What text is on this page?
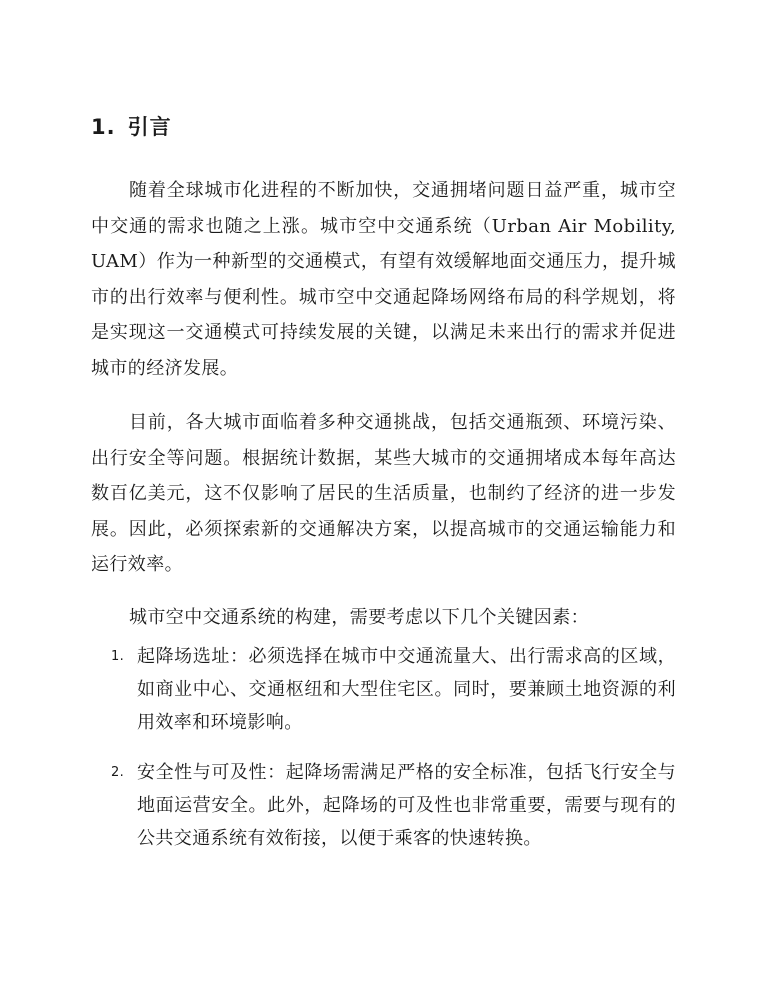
1. 引言

随着全球城市化进程的不断加快，交通拥堵问题日益严重，城市空中交通的需求也随之上涨。城市空中交通系统（Urban Air Mobility, UAM）作为一种新型的交通模式，有望有效缓解地面交通压力，提升城市的出行效率与便利性。城市空中交通起降场网络布局的科学规划，将是实现这一交通模式可持续发展的关键，以满足未来出行的需求并促进城市的经济发展。

目前，各大城市面临着多种交通挑战，包括交通瓶颈、环境污染、出行安全等问题。根据统计数据，某些大城市的交通拥堵成本每年高达数百亿美元，这不仅影响了居民的生活质量，也制约了经济的进一步发展。因此，必须探索新的交通解决方案，以提高城市的交通运输能力和运行效率。

城市空中交通系统的构建，需要考虑以下几个关键因素：

1. 起降场选址：必须选择在城市中交通流量大、出行需求高的区域，如商业中心、交通枢纽和大型住宅区。同时，要兼顾土地资源的利用效率和环境影响。
2. 安全性与可及性：起降场需满足严格的安全标准，包括飞行安全与地面运营安全。此外，起降场的可及性也非常重要，需要与现有的公共交通系统有效衔接，以便于乘客的快速转换。
